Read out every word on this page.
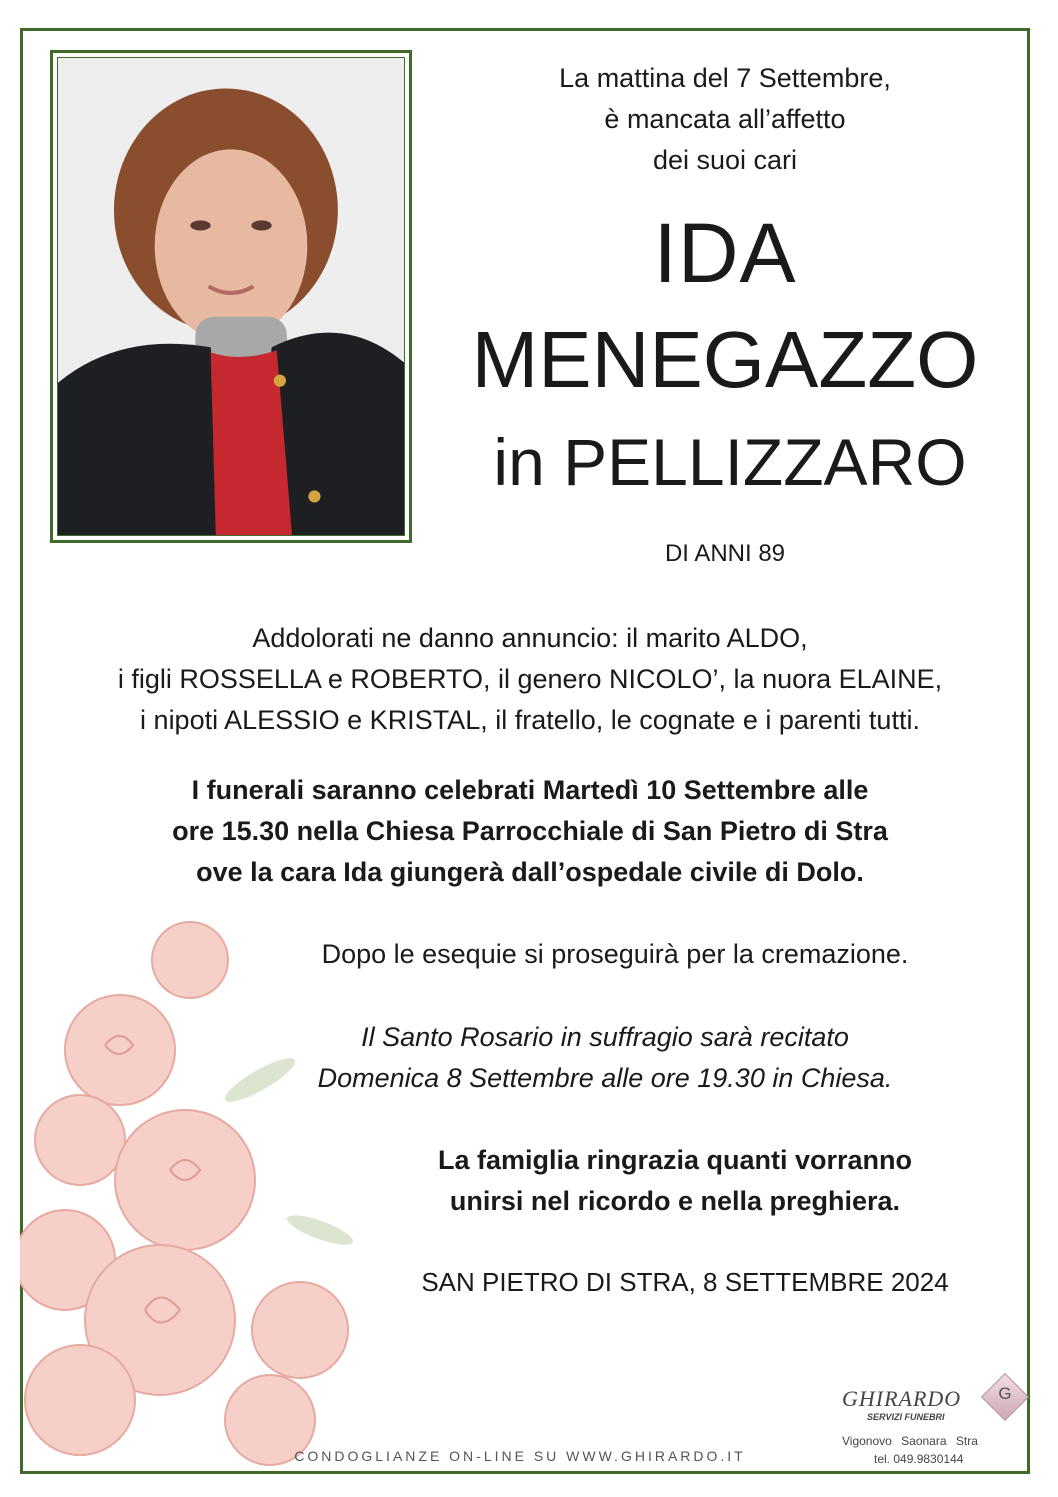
La mattina del 7 Settembre,
è mancata all’affetto
dei suoi cari
IDA
MENEGAZZO
in PELLIZZARO
DI ANNI 89
Addolorati ne danno annuncio: il marito ALDO,
i figli ROSSELLA e ROBERTO, il genero NICOLO’, la nuora ELAINE,
i nipoti ALESSIO e KRISTAL, il fratello, le cognate e i parenti tutti.
I funerali saranno celebrati Martedì 10 Settembre alle
ore 15.30 nella Chiesa Parrocchiale di San Pietro di Stra
ove la cara Ida giungerà dall’ospedale civile di Dolo.
Dopo le esequie si proseguirà per la cremazione.
Il Santo Rosario in suffragio sarà recitato
Domenica 8 Settembre alle ore 19.30 in Chiesa.
La famiglia ringrazia quanti vorranno
unirsi nel ricordo e nella preghiera.
SAN PIETRO DI STRA, 8 SETTEMBRE 2024
CONDOGLIANZE ON-LINE SU WWW.GHIRARDO.IT
GHIRARDO
SERVIZI FUNEBRI
G
Vigonovo Saonara Stra
tel. 049.9830144
